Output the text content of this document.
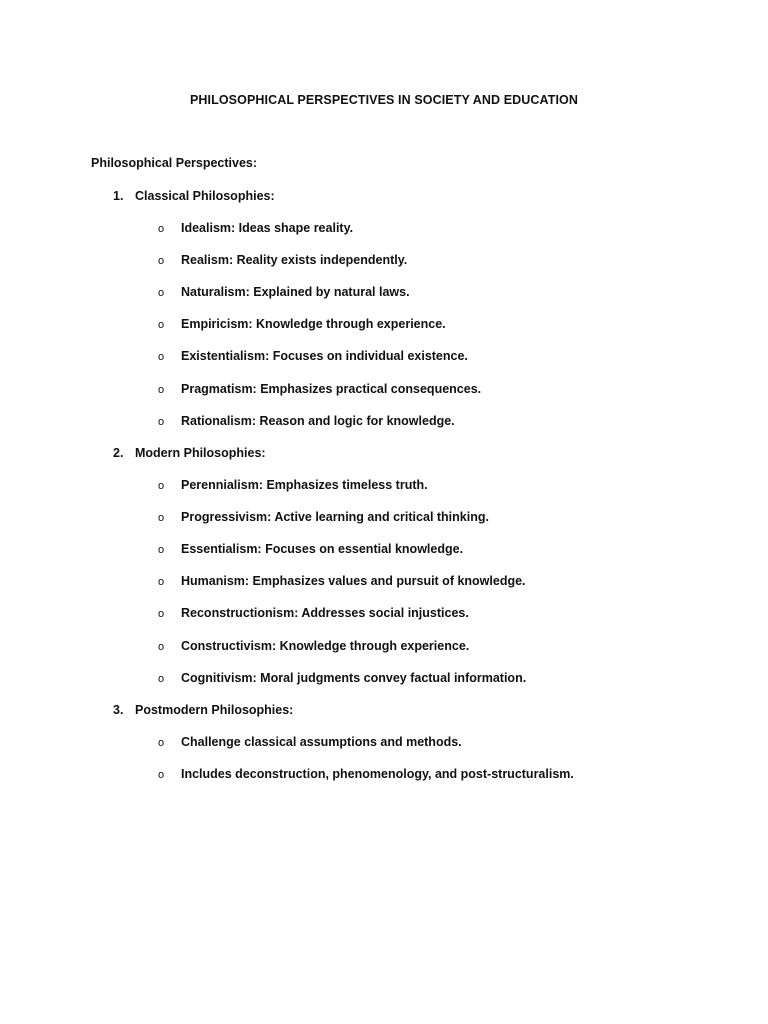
PHILOSOPHICAL PERSPECTIVES IN SOCIETY AND EDUCATION
Philosophical Perspectives:
1. Classical Philosophies:
o Idealism: Ideas shape reality.
o Realism: Reality exists independently.
o Naturalism: Explained by natural laws.
o Empiricism: Knowledge through experience.
o Existentialism: Focuses on individual existence.
o Pragmatism: Emphasizes practical consequences.
o Rationalism: Reason and logic for knowledge.
2. Modern Philosophies:
o Perennialism: Emphasizes timeless truth.
o Progressivism: Active learning and critical thinking.
o Essentialism: Focuses on essential knowledge.
o Humanism: Emphasizes values and pursuit of knowledge.
o Reconstructionism: Addresses social injustices.
o Constructivism: Knowledge through experience.
o Cognitivism: Moral judgments convey factual information.
3. Postmodern Philosophies:
o Challenge classical assumptions and methods.
o Includes deconstruction, phenomenology, and post-structuralism.
